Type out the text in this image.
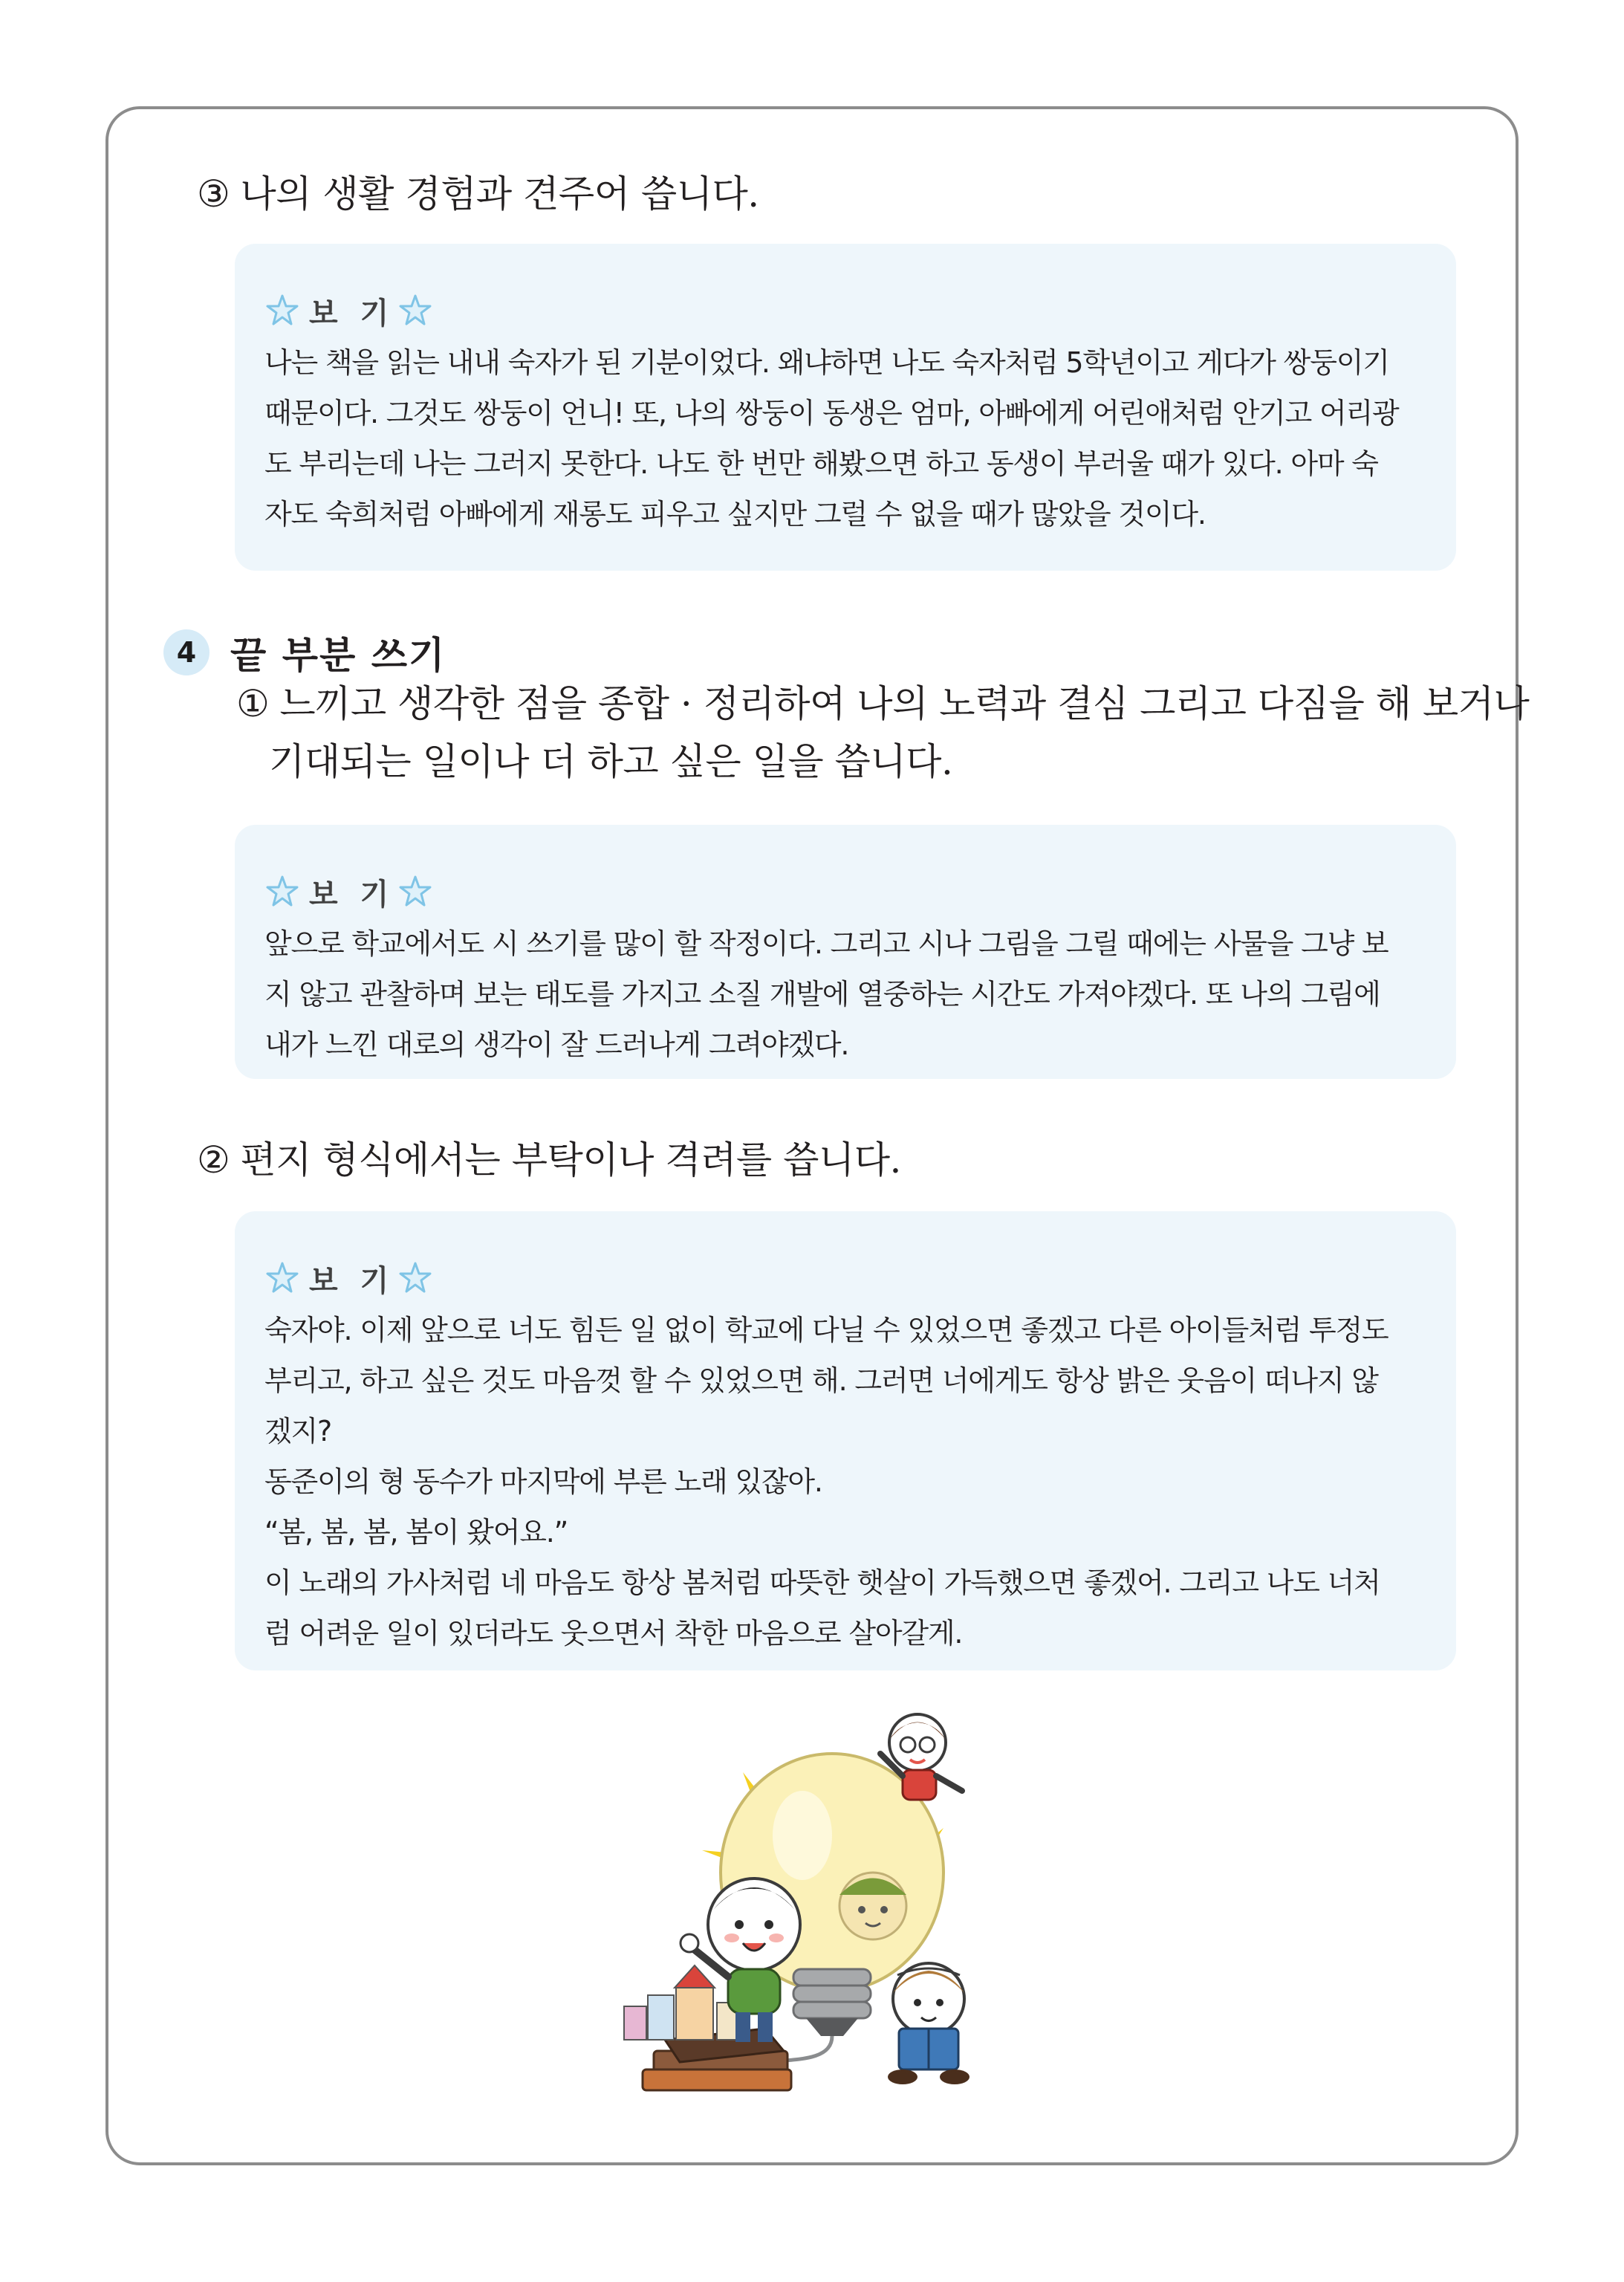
③ 나의 생활 경험과 견주어 씁니다.
보 기
나는 책을 읽는 내내 숙자가 된 기분이었다. 왜냐하면 나도 숙자처럼 5학년이고 게다가 쌍둥이기
때문이다. 그것도 쌍둥이 언니! 또, 나의 쌍둥이 동생은 엄마, 아빠에게 어린애처럼 안기고 어리광
도 부리는데 나는 그러지 못한다. 나도 한 번만 해봤으면 하고 동생이 부러울 때가 있다. 아마 숙
자도 숙희처럼 아빠에게 재롱도 피우고 싶지만 그럴 수 없을 때가 많았을 것이다.
4 끝 부분 쓰기
① 느끼고 생각한 점을 종합 · 정리하여 나의 노력과 결심 그리고 다짐을 해 보거나
기대되는 일이나 더 하고 싶은 일을 씁니다.
보 기
앞으로 학교에서도 시 쓰기를 많이 할 작정이다. 그리고 시나 그림을 그릴 때에는 사물을 그냥 보
지 않고 관찰하며 보는 태도를 가지고 소질 개발에 열중하는 시간도 가져야겠다. 또 나의 그림에
내가 느낀 대로의 생각이 잘 드러나게 그려야겠다.
② 편지 형식에서는 부탁이나 격려를 씁니다.
보 기
숙자야. 이제 앞으로 너도 힘든 일 없이 학교에 다닐 수 있었으면 좋겠고 다른 아이들처럼 투정도
부리고, 하고 싶은 것도 마음껏 할 수 있었으면 해. 그러면 너에게도 항상 밝은 웃음이 떠나지 않
겠지?
동준이의 형 동수가 마지막에 부른 노래 있잖아.
“봄, 봄, 봄, 봄이 왔어요.”
이 노래의 가사처럼 네 마음도 항상 봄처럼 따뜻한 햇살이 가득했으면 좋겠어. 그리고 나도 너처
럼 어려운 일이 있더라도 웃으면서 착한 마음으로 살아갈게.
